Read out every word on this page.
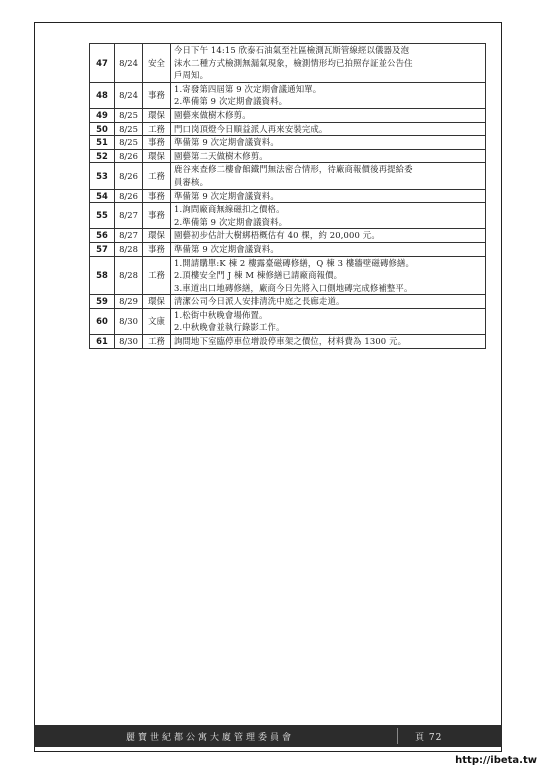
47	8/24	安全	今日下午 14:15 欣泰石油氣至社區檢測瓦斯管線經以儀器及泡
沫水二種方式檢測無漏氣現象，檢測情形均已拍照存証並公告住
戶周知。

48	8/24	事務	1.寄發第四屆第 9 次定期會議通知單。
2.準備第 9 次定期會議資料。

49	8/25	環保	園藝來做樹木修剪。

50	8/25	工務	門口岗頂燈今日順益派人再來安裝完成。

51	8/25	事務	準備第 9 次定期會議資料。

52	8/26	環保	園藝第二天做樹木修剪。

53	8/26	工務	鹿谷來查修二樓會館鐵門無法密合情形，待廠商報價後再提給委
員審核。

54	8/26	事務	準備第 9 次定期會議資料。

55	8/27	事務	1.詢問廠商無線磁扣之價格。
2.準備第 9 次定期會議資料。

56	8/27	環保	園藝初步估計大樹綁梧概估有 40 棵，約 20,000 元。

57	8/28	事務	準備第 9 次定期會議資料。

58	8/28	工務	1.開請購單:K 棟 2 樓露臺磁磚修繕，Q 棟 3 樓牆壁磁磚修繕。
2.頂樓安全門 J 棟 M 棟修繕已請廠商報價。
3.車道出口地磚修繕，廠商今日先將入口側地磚完成修補整平。

59	8/29	環保	清潔公司今日派人安排清洗中庭之長廊走道。

60	8/30	文康	1.松街中秋晚會場佈置。
2.中秋晚會並執行錄影工作。

61	8/30	工務	詢問地下室臨停車位增設停車架之價位，材料費為 1300 元。
麗寶世紀都公寓大廈管理委員會	頁 72
http://ibeta.tw
